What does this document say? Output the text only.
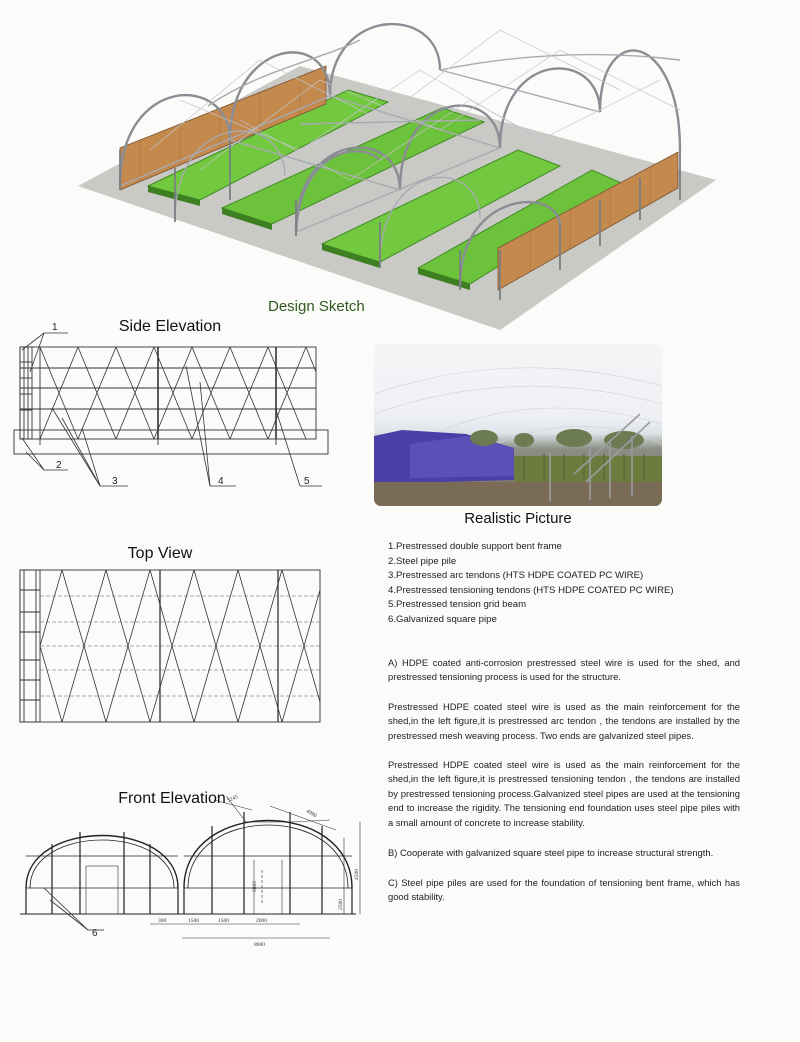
Design Sketch
Side Elevation
1
2
3	4	5
Realistic Picture
Top View	1.Prestressed double support bent frame
2.Steel pipe pile
3.Prestressed arc tendons (HTS HDPE COATED PC WIRE)
4.Prestressed tensioning tendons (HTS HDPE COATED PC WIRE)
5.Prestressed tension grid beam
6.Galvanized square pipe
A) HDPE coated anti-corrosion prestressed steel wire is used for the shed, and prestressed tensioning process is used for the structure.
Prestressed HDPE coated steel wire is used as the main reinforcement for the shed,in the left figure,it is prestressed arc tendon , the tendons are installed by the prestressed mesh weaving process. Two ends are galvanized steel pipes.
Prestressed HDPE coated steel wire is used as the main reinforcement for the shed,in the left figure,it is prestressed tensioning tendon , the tendons are installed by prestressed tensioning process.Galvanized steel pipes are used at the tensioning end to increase the rigidity. The tensioning end foundation uses steel pipe piles with a small amount of concrete to increase stability.
B) Cooperate with galvanized square steel pipe to increase structural strength.
C) Steel pipe piles are used for the foundation of tensioning bent frame, which has good stability.
Front Elevation
6
300	1500	1500	2000
8000
2865
2500
4500
4990
5245
